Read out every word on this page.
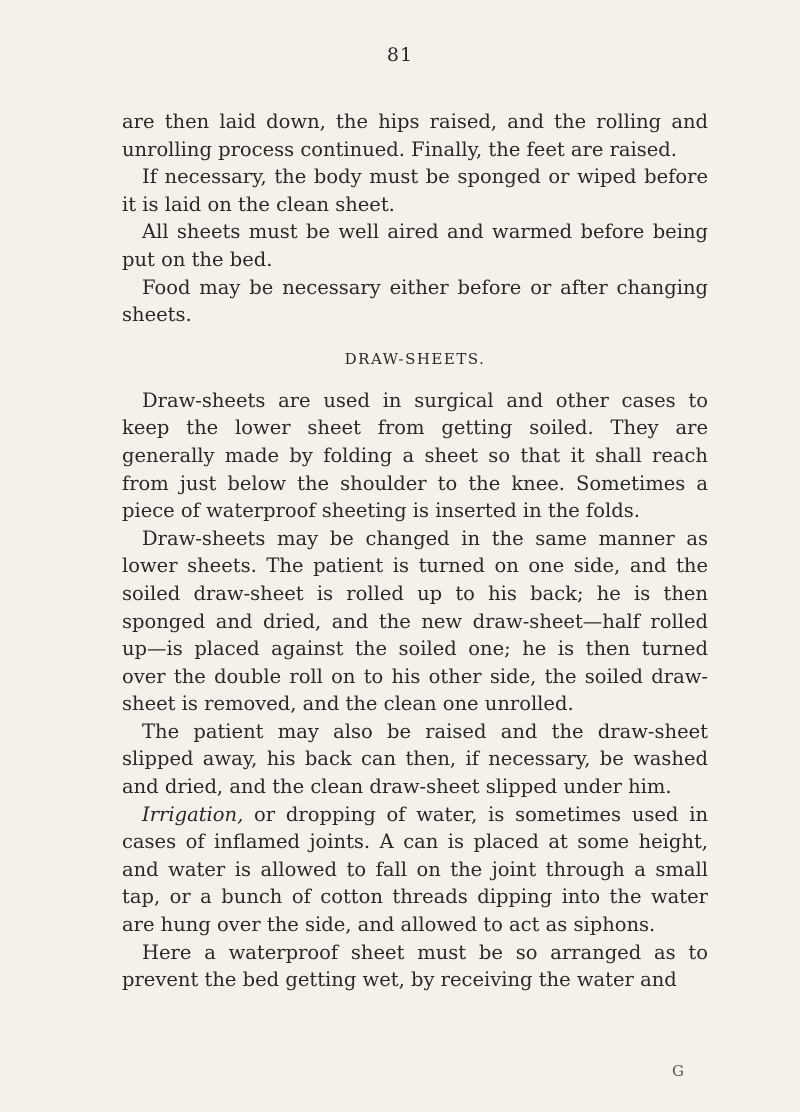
81

are then laid down, the hips raised, and the rolling and unrolling process continued. Finally, the feet are raised.

If necessary, the body must be sponged or wiped before it is laid on the clean sheet.

All sheets must be well aired and warmed before being put on the bed.

Food may be necessary either before or after changing sheets.

DRAW-SHEETS.

Draw-sheets are used in surgical and other cases to keep the lower sheet from getting soiled. They are generally made by folding a sheet so that it shall reach from just below the shoulder to the knee. Sometimes a piece of waterproof sheeting is inserted in the folds.

Draw-sheets may be changed in the same manner as lower sheets. The patient is turned on one side, and the soiled draw-sheet is rolled up to his back; he is then sponged and dried, and the new draw-sheet—half rolled up—is placed against the soiled one; he is then turned over the double roll on to his other side, the soiled draw-sheet is removed, and the clean one unrolled.

The patient may also be raised and the draw-sheet slipped away, his back can then, if necessary, be washed and dried, and the clean draw-sheet slipped under him.

Irrigation, or dropping of water, is sometimes used in cases of inflamed joints. A can is placed at some height, and water is allowed to fall on the joint through a small tap, or a bunch of cotton threads dipping into the water are hung over the side, and allowed to act as siphons.

Here a waterproof sheet must be so arranged as to prevent the bed getting wet, by receiving the water and

G
